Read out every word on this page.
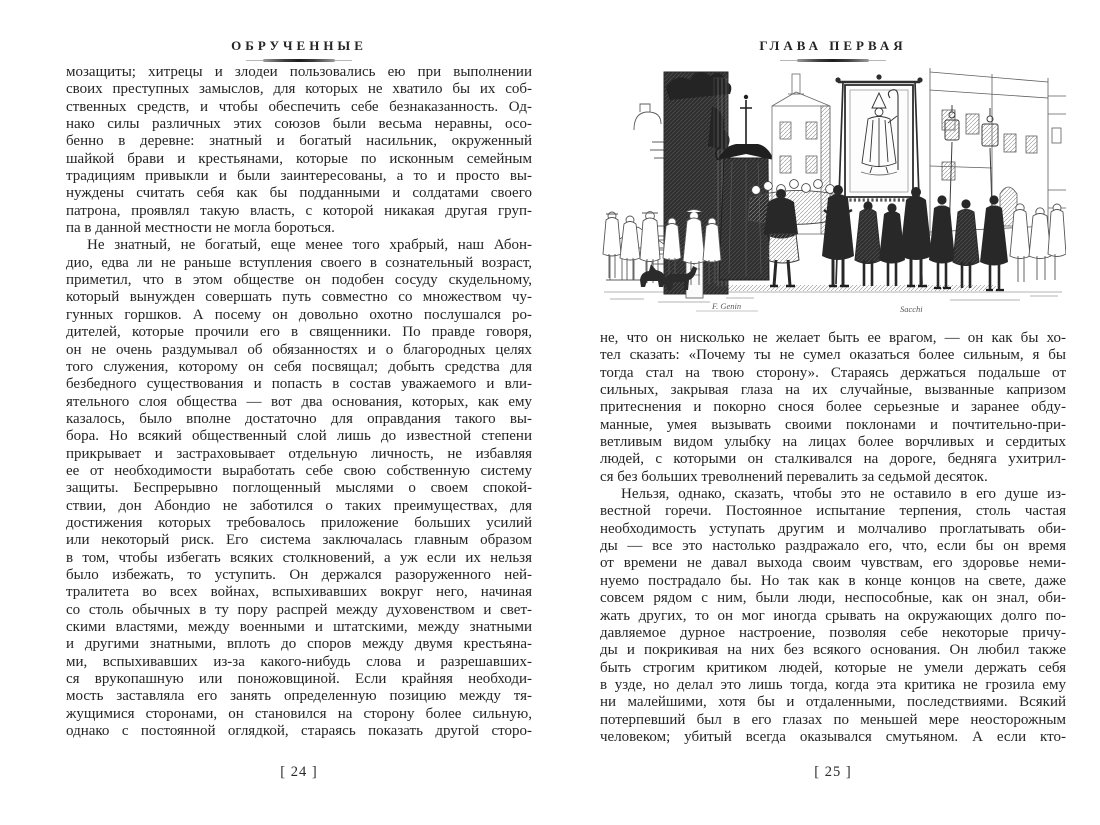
ОБРУЧЕННЫЕ
мозащиты; хитрецы и злодеи пользовались ею при выполнении
своих преступных замыслов, для которых не хватило бы их соб-
ственных средств, и чтобы обеспечить себе безнаказанность. Од-
нако силы различных этих союзов были весьма неравны, осо-
бенно в деревне: знатный и богатый насильник, окруженный
шайкой брави и крестьянами, которые по исконным семейным
традициям привыкли и были заинтересованы, а то и просто вы-
нуждены считать себя как бы подданными и солдатами своего
патрона, проявлял такую власть, с которой никакая другая груп-
па в данной местности не могла бороться.
Не знатный, не богатый, еще менее того храбрый, наш Абон-
дио, едва ли не раньше вступления своего в сознательный возраст,
приметил, что в этом обществе он подобен сосуду скудельному,
который вынужден совершать путь совместно со множеством чу-
гунных горшков. А посему он довольно охотно послушался ро-
дителей, которые прочили его в священники. По правде говоря,
он не очень раздумывал об обязанностях и о благородных целях
того служения, которому он себя посвящал; добыть средства для
безбедного существования и попасть в состав уважаемого и вли-
ятельного слоя общества — вот два основания, которых, как ему
казалось, было вполне достаточно для оправдания такого вы-
бора. Но всякий общественный слой лишь до известной степени
прикрывает и застраховывает отдельную личность, не избавляя
ее от необходимости выработать себе свою собственную систему
защиты. Беспрерывно поглощенный мыслями о своем спокой-
ствии, дон Абондио не заботился о таких преимуществах, для
достижения которых требовалось приложение больших усилий
или некоторый риск. Его система заключалась главным образом
в том, чтобы избегать всяких столкновений, а уж если их нельзя
было избежать, то уступить. Он держался разоруженного ней-
тралитета во всех войнах, вспыхивавших вокруг него, начиная
со столь обычных в ту пору распрей между духовенством и свет-
скими властями, между военными и штатскими, между знатными
и другими знатными, вплоть до споров между двумя крестьяна-
ми, вспыхивавших из-за какого-нибудь слова и разрешавших-
ся врукопашную или поножовщиной. Если крайняя необходи-
мость заставляла его занять определенную позицию между тя-
жущимися сторонами, он становился на сторону более сильную,
однако с постоянной оглядкой, стараясь показать другой сторо-
[ 24 ]
ГЛАВА ПЕРВАЯ
F. Genin	Sacchi
не, что он нисколько не желает быть ее врагом, — он как бы хо-
тел сказать: «Почему ты не сумел оказаться более сильным, я бы
тогда стал на твою сторону». Стараясь держаться подальше от
сильных, закрывая глаза на их случайные, вызванные капризом
притеснения и покорно снося более серьезные и заранее обду-
манные, умея вызывать своими поклонами и почтительно-при-
ветливым видом улыбку на лицах более ворчливых и сердитых
людей, с которыми он сталкивался на дороге, бедняга ухитрил-
ся без больших треволнений перевалить за седьмой десяток.
Нельзя, однако, сказать, чтобы это не оставило в его душе из-
вестной горечи. Постоянное испытание терпения, столь частая
необходимость уступать другим и молчаливо проглатывать оби-
ды — все это настолько раздражало его, что, если бы он время
от времени не давал выхода своим чувствам, его здоровье неми-
нуемо пострадало бы. Но так как в конце концов на свете, даже
совсем рядом с ним, были люди, неспособные, как он знал, оби-
жать других, то он мог иногда срывать на окружающих долго по-
давляемое дурное настроение, позволяя себе некоторые причу-
ды и покрикивая на них без всякого основания. Он любил также
быть строгим критиком людей, которые не умели держать себя
в узде, но делал это лишь тогда, когда эта критика не грозила ему
ни малейшими, хотя бы и отдаленными, последствиями. Всякий
потерпевший был в его глазах по меньшей мере неосторожным
человеком; убитый всегда оказывался смутьяном. А если кто-
[ 25 ]
